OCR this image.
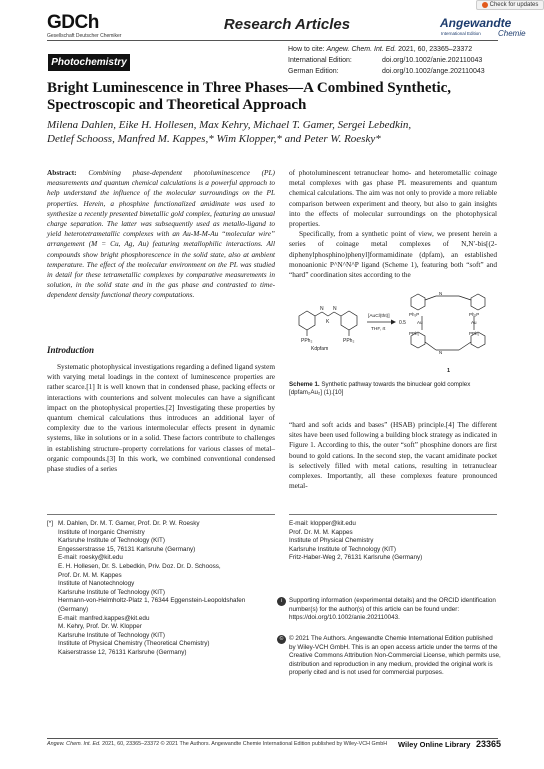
GDCh
Gesellschaft Deutscher Chemiker
Research Articles	Angewandte
International Edition Chemie
Check for updates
Photochemistry
How to cite: Angew. Chem. Int. Ed. 2021, 60, 23365–23372
International Edition:	doi.org/10.1002/anie.202110043
German Edition:	doi.org/10.1002/ange.202110043
Bright Luminescence in Three Phases—A Combined Synthetic,
Spectroscopic and Theoretical Approach
Milena Dahlen, Eike H. Hollesen, Max Kehry, Michael T. Gamer, Sergei Lebedkin,
Detlef Schooss, Manfred M. Kappes,* Wim Klopper,* and Peter W. Roesky*
Abstract: Combining phase-dependent photoluminescence (PL) measurements and quantum chemical calculations is a powerful approach to help understand the influence of the molecular surroundings on the PL properties. Herein, a phosphine functionalized amidinate was used to synthesize a recently presented bimetallic gold complex, featuring an unusual charge separation. The latter was subsequently used as metallo-ligand to yield heterotetrametallic complexes with an Au-M-M-Au “molecular wire” arrangement (M = Cu, Ag, Au) featuring metallophilic interactions. All compounds show bright phosphorescence in the solid state, also at ambient temperature. The effect of the molecular environment on the PL was studied in detail for these tetrametallic complexes by comparative measurements in solution, in the solid state and in the gas phase and contrasted to time-dependent density functional theory computations.
Introduction
Systematic photophysical investigations regarding a defined ligand system with varying metal loadings in the context of luminescence properties are rather scarce.[1] It is well known that in condensed phase, packing effects or interactions with counterions and solvent molecules can have a significant impact on the photophysical properties.[2] Investigating these properties by quantum chemical calculations thus introduces an additional layer of complexity due to the various intermolecular effects present in dynamic systems, like in solutions or in a solid. These factors contribute to challenges in establishing structure–property correlations for various classes of metal–organic compounds.[3] In this work, we combined conventional condensed phase studies of a series
of photoluminescent tetranuclear homo- and heterometallic coinage metal complexes with gas phase PL measurements and quantum chemical calculations. The aim was not only to provide a more reliable comparison between experiment and theory, but also to gain insights into the effects of molecular surroundings on the photophysical properties.
Specifically, from a synthetic point of view, we present herein a series of coinage metal complexes of N,N′-bis[(2-diphenylphosphino)phenyl]formamidinate (dpfam), an established monoanionic P^N^N^P ligand (Scheme 1), featuring both “soft” and “hard” coordination sites according to the
N N
K
PPh₂	PPh₂
Kdpfam
[AuCl(tht)]
THF, rt
0.5
N
N
Ph₂P	Ph₂P
Au	Au
PPh₂	PPh₂
1
Scheme 1. Synthetic pathway towards the binuclear gold complex [dpfam₂Au₂] (1).[10]
“hard and soft acids and bases” (HSAB) principle.[4] The different sites have been used following a building block strategy as indicated in Figure 1. According to this, the outer “soft” phosphine donors are first bound to gold cations. In the second step, the vacant amidinate pocket is selectively filled with metal cations, resulting in tetranuclear complexes. Importantly, all these complexes feature pronounced metal-
[*] M. Dahlen, Dr. M. T. Gamer, Prof. Dr. P. W. Roesky
Institute of Inorganic Chemistry
Karlsruhe Institute of Technology (KIT)
Engesserstrasse 15, 76131 Karlsruhe (Germany)
E-mail: roesky@kit.edu
E. H. Hollesen, Dr. S. Lebedkin, Priv. Doz. Dr. D. Schooss,
Prof. Dr. M. M. Kappes
Institute of Nanotechnology
Karlsruhe Institute of Technology (KIT)
Hermann-von-Helmholtz-Platz 1, 76344 Eggenstein-Leopoldshafen
(Germany)
E-mail: manfred.kappes@kit.edu
M. Kehry, Prof. Dr. W. Klopper
Karlsruhe Institute of Technology (KIT)
Institute of Physical Chemistry (Theoretical Chemistry)
Kaiserstrasse 12, 76131 Karlsruhe (Germany)
E-mail: klopper@kit.edu
Prof. Dr. M. M. Kappes
Institute of Physical Chemistry
Karlsruhe Institute of Technology (KIT)
Fritz-Haber-Weg 2, 76131 Karlsruhe (Germany)
i	Supporting information (experimental details) and the ORCID identification number(s) for the author(s) of this article can be found under:
https://doi.org/10.1002/anie.202110043.
© © 2021 The Authors. Angewandte Chemie International Edition published by Wiley-VCH GmbH. This is an open access article under the terms of the Creative Commons Attribution Non-Commercial License, which permits use, distribution and reproduction in any medium, provided the original work is properly cited and is not used for commercial purposes.
Angew. Chem. Int. Ed. 2021, 60, 23365–23372 © 2021 The Authors. Angewandte Chemie International Edition published by Wiley-VCH GmbH Wiley Online Library 23365
